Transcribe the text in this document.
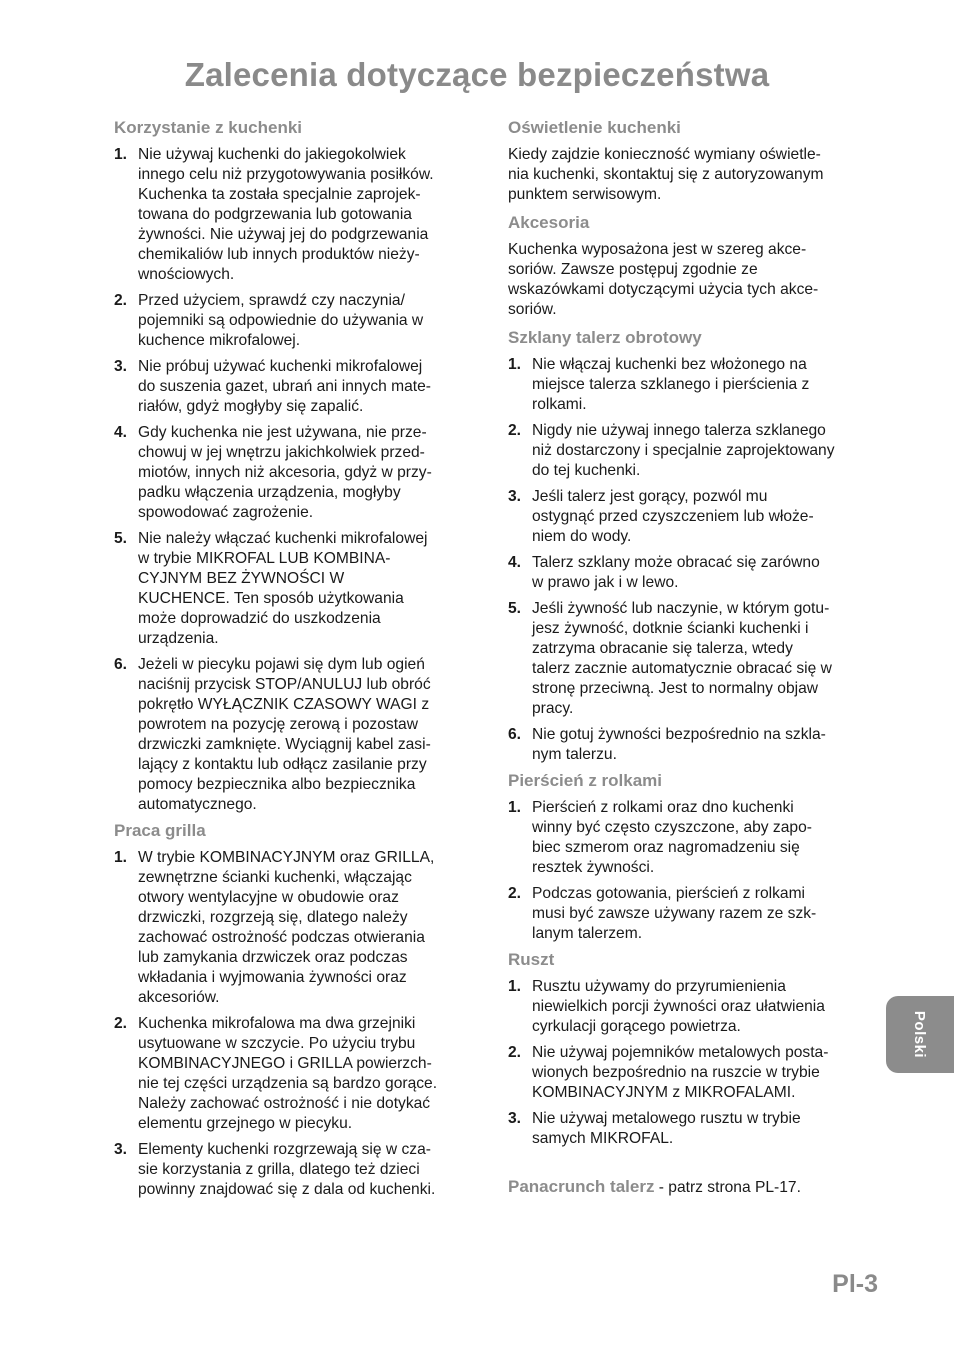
Zalecenia dotyczące bezpieczeństwa
Korzystanie z kuchenki
1. Nie używaj kuchenki do jakiegokolwiek
innego celu niż przygotowywania posiłków.
Kuchenka ta została specjalnie zaprojek-
towana do podgrzewania lub gotowania
żywności. Nie używaj jej do podgrzewania
chemikaliów lub innych produktów nieży-
wnościowych.
2. Przed użyciem, sprawdź czy naczynia/
pojemniki są odpowiednie do używania w
kuchence mikrofalowej.
3. Nie próbuj używać kuchenki mikrofalowej
do suszenia gazet, ubrań ani innych mate-
riałów, gdyż mogłyby się zapalić.
4. Gdy kuchenka nie jest używana, nie prze-
chowuj w jej wnętrzu jakichkolwiek przed-
miotów, innych niż akcesoria, gdyż w przy-
padku włączenia urządzenia, mogłyby
spowodować zagrożenie.
5. Nie należy włączać kuchenki mikrofalowej
w trybie MIKROFAL LUB KOMBINA-
CYJNYM BEZ ŻYWNOŚCI W
KUCHENCE. Ten sposób użytkowania
może doprowadzić do uszkodzenia
urządzenia.
6. Jeżeli w piecyku pojawi się dym lub ogień
naciśnij przycisk STOP/ANULUJ lub obróć
pokrętło WYŁĄCZNIK CZASOWY WAGI z
powrotem na pozycję zerową i pozostaw
drzwiczki zamknięte. Wyciągnij kabel zasi-
lający z kontaktu lub odłącz zasilanie przy
pomocy bezpiecznika albo bezpiecznika
automatycznego.
Praca grilla
1. W trybie KOMBINACYJNYM oraz GRILLA,
zewnętrzne ścianki kuchenki, włączając
otwory wentylacyjne w obudowie oraz
drzwiczki, rozgrzeją się, dlatego należy
zachować ostrożność podczas otwierania
lub zamykania drzwiczek oraz podczas
wkładania i wyjmowania żywności oraz
akcesoriów.
2. Kuchenka mikrofalowa ma dwa grzejniki
usytuowane w szczycie. Po użyciu trybu
KOMBINACYJNEGO i GRILLA powierzch-
nie tej części urządzenia są bardzo gorące.
Należy zachować ostrożność i nie dotykać
elementu grzejnego w piecyku.
3. Elementy kuchenki rozgrzewają się w cza-
sie korzystania z grilla, dlatego też dzieci
powinny znajdować się z dala od kuchenki.
Oświetlenie kuchenki

Kiedy zajdzie konieczność wymiany oświetle-
nia kuchenki, skontaktuj się z autoryzowanym
punktem serwisowym.

Akcesoria

Kuchenka wyposażona jest w szereg akce-
soriów. Zawsze postępuj zgodnie ze
wskazówkami dotyczącymi użycia tych akce-
soriów.

Szklany talerz obrotowy
1. Nie włączaj kuchenki bez włożonego na
miejsce talerza szklanego i pierścienia z
rolkami.
2. Nigdy nie używaj innego talerza szklanego
niż dostarczony i specjalnie zaprojektowany
do tej kuchenki.
3. Jeśli talerz jest gorący, pozwól mu
ostygnąć przed czyszczeniem lub włoże-
niem do wody.
4. Talerz szklany może obracać się zarówno
w prawo jak i w lewo.
5. Jeśli żywność lub naczynie, w którym gotu-
jesz żywność, dotknie ścianki kuchenki i
zatrzyma obracanie się talerza, wtedy
talerz zacznie automatycznie obracać się w
stronę przeciwną. Jest to normalny objaw
pracy.
6. Nie gotuj żywności bezpośrednio na szkla-
nym talerzu.
Pierścień z rolkami
1. Pierścień z rolkami oraz dno kuchenki
winny być często czyszczone, aby zapo-
biec szmerom oraz nagromadzeniu się
resztek żywności.
2. Podczas gotowania, pierścień z rolkami
musi być zawsze używany razem ze szk-
lanym talerzem.
Ruszt
1. Rusztu używamy do przyrumienienia
niewielkich porcji żywności oraz ułatwienia
cyrkulacji gorącego powietrza.
2. Nie używaj pojemników metalowych posta-
wionych bezpośrednio na ruszcie w trybie
KOMBINACYJNYM z MIKROFALAMI.
3. Nie używaj metalowego rusztu w trybie
samych MIKROFAL.
Panacrunch talerz - patrz strona PL-17.
Polski
Pl-3
